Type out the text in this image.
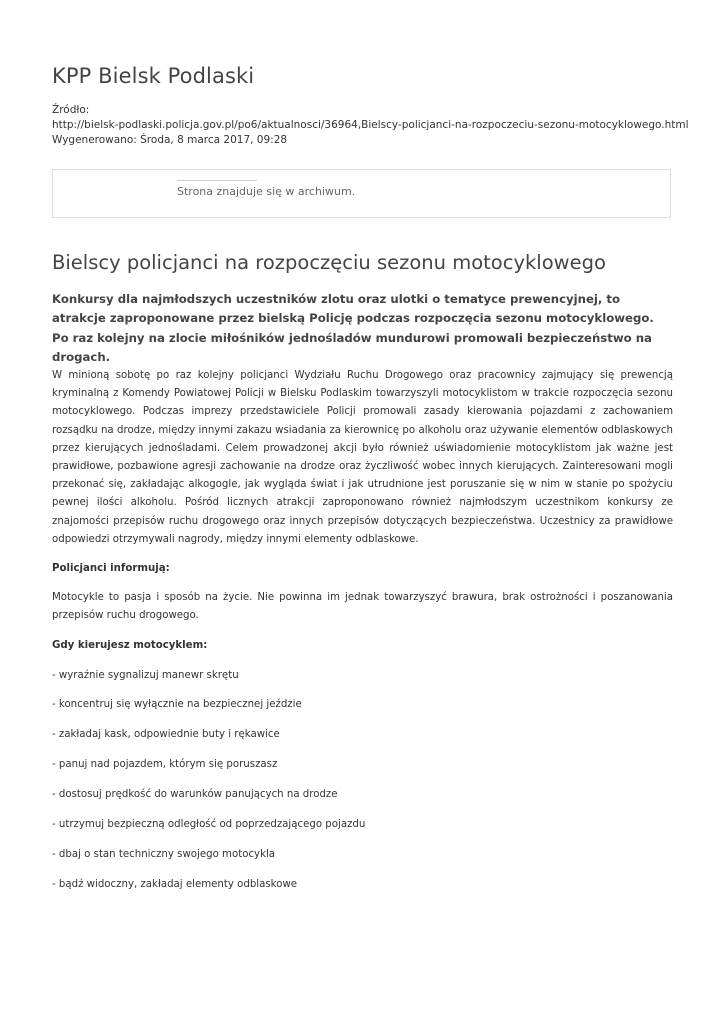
KPP Bielsk Podlaski
Źródło:
http://bielsk-podlaski.policja.gov.pl/po6/aktualnosci/36964,Bielscy-policjanci-na-rozpoczeciu-sezonu-motocyklowego.html
Wygenerowano: Środa, 8 marca 2017, 09:28
Strona znajduje się w archiwum.
Bielscy policjanci na rozpoczęciu sezonu motocyklowego
Konkursy dla najmłodszych uczestników zlotu oraz ulotki o tematyce prewencyjnej, to atrakcje zaproponowane przez bielską Policję podczas rozpoczęcia sezonu motocyklowego. Po raz kolejny na zlocie miłośników jednośladów mundurowi promowali bezpieczeństwo na drogach.

W minioną sobotę po raz kolejny policjanci Wydziału Ruchu Drogowego oraz pracownicy zajmujący się prewencją kryminalną z Komendy Powiatowej Policji w Bielsku Podlaskim towarzyszyli motocyklistom w trakcie rozpoczęcia sezonu motocyklowego. Podczas imprezy przedstawiciele Policji promowali zasady kierowania pojazdami z zachowaniem rozsądku na drodze, między innymi zakazu wsiadania za kierownicę po alkoholu oraz używanie elementów odblaskowych przez kierujących jednośladami. Celem prowadzonej akcji było również uświadomienie motocyklistom jak ważne jest prawidłowe, pozbawione agresji zachowanie na drodze oraz życzliwość wobec innych kierujących. Zainteresowani mogli przekonać się, zakładając alkogogle, jak wygląda świat i jak utrudnione jest poruszanie się w nim w stanie po spożyciu pewnej ilości alkoholu. Pośród licznych atrakcji zaproponowano również najmłodszym uczestnikom konkursy ze znajomości przepisów ruchu drogowego oraz innych przepisów dotyczących bezpieczeństwa. Uczestnicy za prawidłowe odpowiedzi otrzymywali nagrody, między innymi elementy odblaskowe.

Policjanci informują:

Motocykle to pasja i sposób na życie. Nie powinna im jednak towarzyszyć brawura, brak ostrożności i poszanowania przepisów ruchu drogowego.

Gdy kierujesz motocyklem:

- wyraźnie sygnalizuj manewr skrętu

- koncentruj się wyłącznie na bezpiecznej jeździe

- zakładaj kask, odpowiednie buty i rękawice

- panuj nad pojazdem, którym się poruszasz

- dostosuj prędkość do warunków panujących na drodze

- utrzymuj bezpieczną odległość od poprzedzającego pojazdu

- dbaj o stan techniczny swojego motocykla

- bądź widoczny, zakładaj elementy odblaskowe
